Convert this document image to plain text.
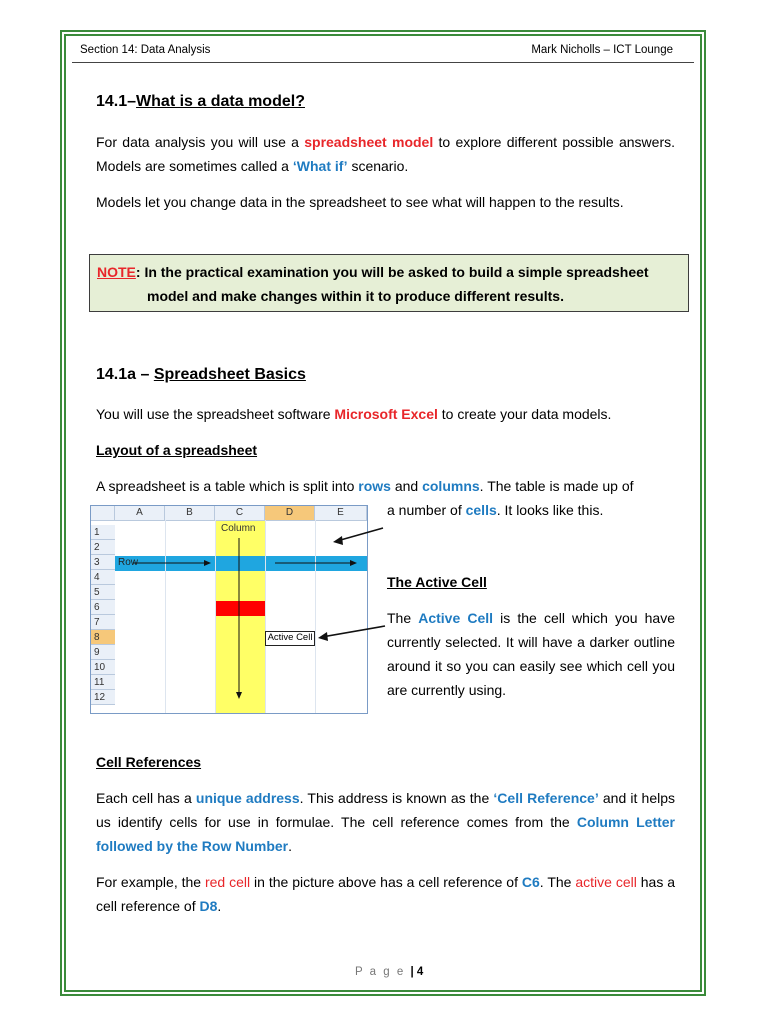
Section 14: Data Analysis	Mark Nicholls – ICT Lounge
14.1–What is a data model?
For data analysis you will use a spreadsheet model to explore different possible answers. Models are sometimes called a ‘What if’ scenario.
Models let you change data in the spreadsheet to see what will happen to the results.
NOTE: In the practical examination you will be asked to build a simple spreadsheet
model and make changes within it to produce different results.
14.1a – Spreadsheet Basics
You will use the spreadsheet software Microsoft Excel to create your data models.
Layout of a spreadsheet
A spreadsheet is a table which is split into rows and columns. The table is made up of
a number of cells. It looks like this.
A	B	C	D	E
1
2
3
4
5
6
7
8
9
10
11
12
Column
Row
Active Cell
The Active Cell
The Active Cell is the cell which you have currently selected. It will have a darker outline around it so you can easily see which cell you are currently using.
Cell References
Each cell has a unique address. This address is known as the ‘Cell Reference’ and it helps us identify cells for use in formulae. The cell reference comes from the Column Letter followed by the Row Number.
For example, the red cell in the picture above has a cell reference of C6. The active cell has a cell reference of D8.
P a g e | 4
